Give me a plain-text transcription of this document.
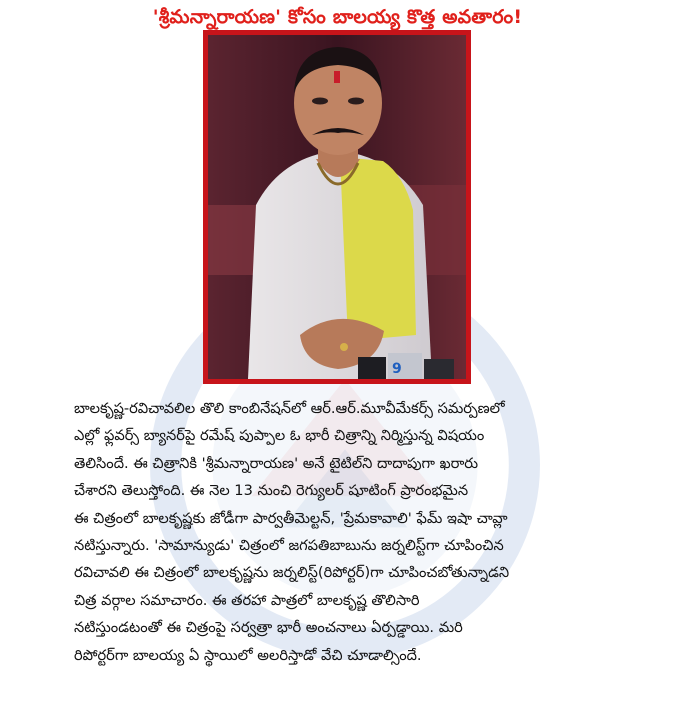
'శ్రీమన్నారాయణ' కోసం బాలయ్య కొత్త అవతారం!
9
బాలకృష్ణ-రవిచావలిల తొలి కాంబినేషన్‌లో ఆర్.ఆర్.మూవీమేకర్స్ సమర్పణలో
ఎల్లో ఫ్లవర్స్ బ్యానర్‌పై రమేష్ పుప్పాల ఓ భారీ చిత్రాన్ని నిర్మిస్తున్న విషయం
తెలిసిందే. ఈ చిత్రానికి 'శ్రీమన్నారాయణ' అనే టైటిల్‌ని దాదాపుగా ఖరారు
చేశారని తెలుస్తోంది. ఈ నెల 13 నుంచి రెగ్యులర్ షూటింగ్ ప్రారంభమైన
ఈ చిత్రంలో బాలకృష్ణకు జోడీగా పార్వతీమెల్టన్, 'ప్రేమకావాలి' ఫేమ్ ఇషా చావ్లా
నటిస్తున్నారు. 'సామాన్యుడు' చిత్రంలో జగపతిబాబును జర్నలిస్ట్‌గా చూపించిన
రవిచావలి ఈ చిత్రంలో బాలకృష్ణను జర్నలిస్ట్(రిపోర్టర్)గా చూపించబోతున్నాడని
చిత్ర వర్గాల సమాచారం. ఈ తరహా పాత్రలో బాలకృష్ణ తొలిసారి
నటిస్తుండటంతో ఈ చిత్రంపై సర్వత్రా భారీ అంచనాలు ఏర్పడ్డాయి. మరి
రిపోర్టర్‌గా బాలయ్య ఏ స్థాయిలో అలరిస్తాడో వేచి చూడాల్సిందే.
